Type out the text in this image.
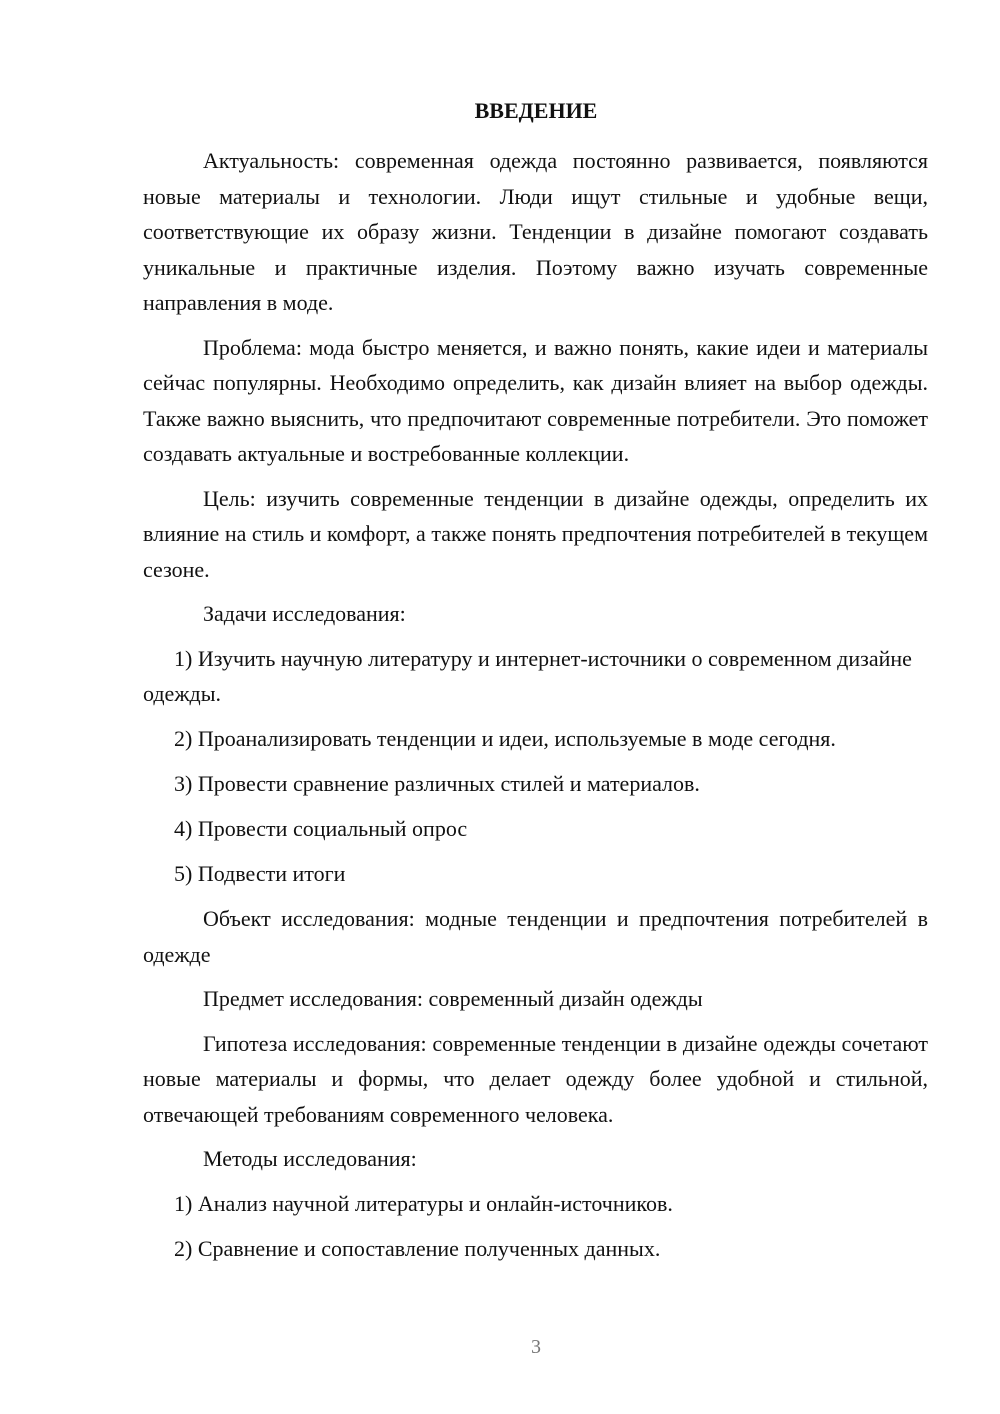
ВВЕДЕНИЕ

Актуальность: современная одежда постоянно развивается, появляются новые материалы и технологии. Люди ищут стильные и удобные вещи, соответствующие их образу жизни. Тенденции в дизайне помогают создавать уникальные и практичные изделия. Поэтому важно изучать современные направления в моде.

Проблема: мода быстро меняется, и важно понять, какие идеи и материалы сейчас популярны. Необходимо определить, как дизайн влияет на выбор одежды. Также важно выяснить, что предпочитают современные потребители. Это поможет создавать актуальные и востребованные коллекции.

Цель: изучить современные тенденции в дизайне одежды, определить их влияние на стиль и комфорт, а также понять предпочтения потребителей в текущем сезоне.

Задачи исследования:

1) Изучить научную литературу и интернет-источники о современном дизайне одежды.

2) Проанализировать тенденции и идеи, используемые в моде сегодня.

3) Провести сравнение различных стилей и материалов.

4) Провести социальный опрос

5) Подвести итоги

Объект исследования: модные тенденции и предпочтения потребителей в одежде

Предмет исследования: современный дизайн одежды

Гипотеза исследования: современные тенденции в дизайне одежды сочетают новые материалы и формы, что делает одежду более удобной и стильной, отвечающей требованиям современного человека.

Методы исследования:

1) Анализ научной литературы и онлайн-источников.

2) Сравнение и сопоставление полученных данных.

3
